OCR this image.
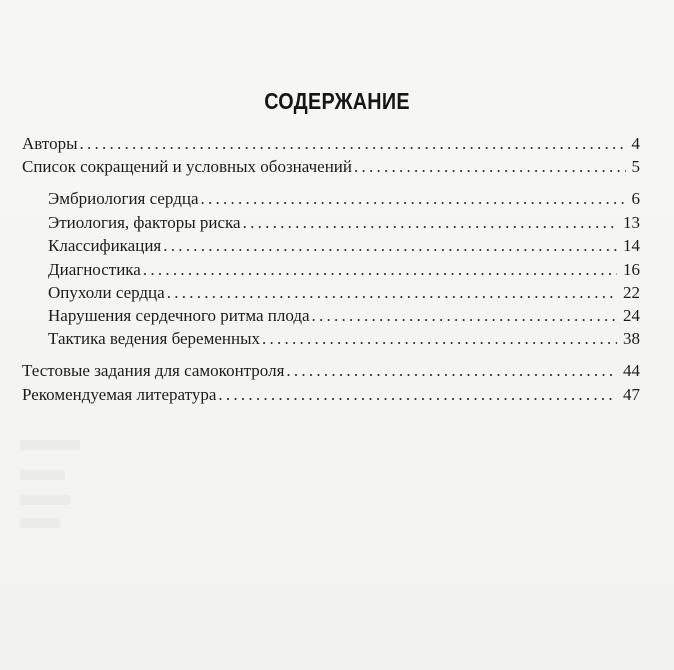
СОДЕРЖАНИЕ
Авторы . . .	4
Список сокращений и условных обозначений . . .	5
Эмбриология сердца . . .	6
Этиология, факторы риска . . .	13
Классификация . . .	14
Диагностика . . .	16
Опухоли сердца . . .	22
Нарушения сердечного ритма плода . . .	24
Тактика ведения беременных . . .	38
Тестовые задания для самоконтроля . . .	44
Рекомендуемая литература . . .	47
